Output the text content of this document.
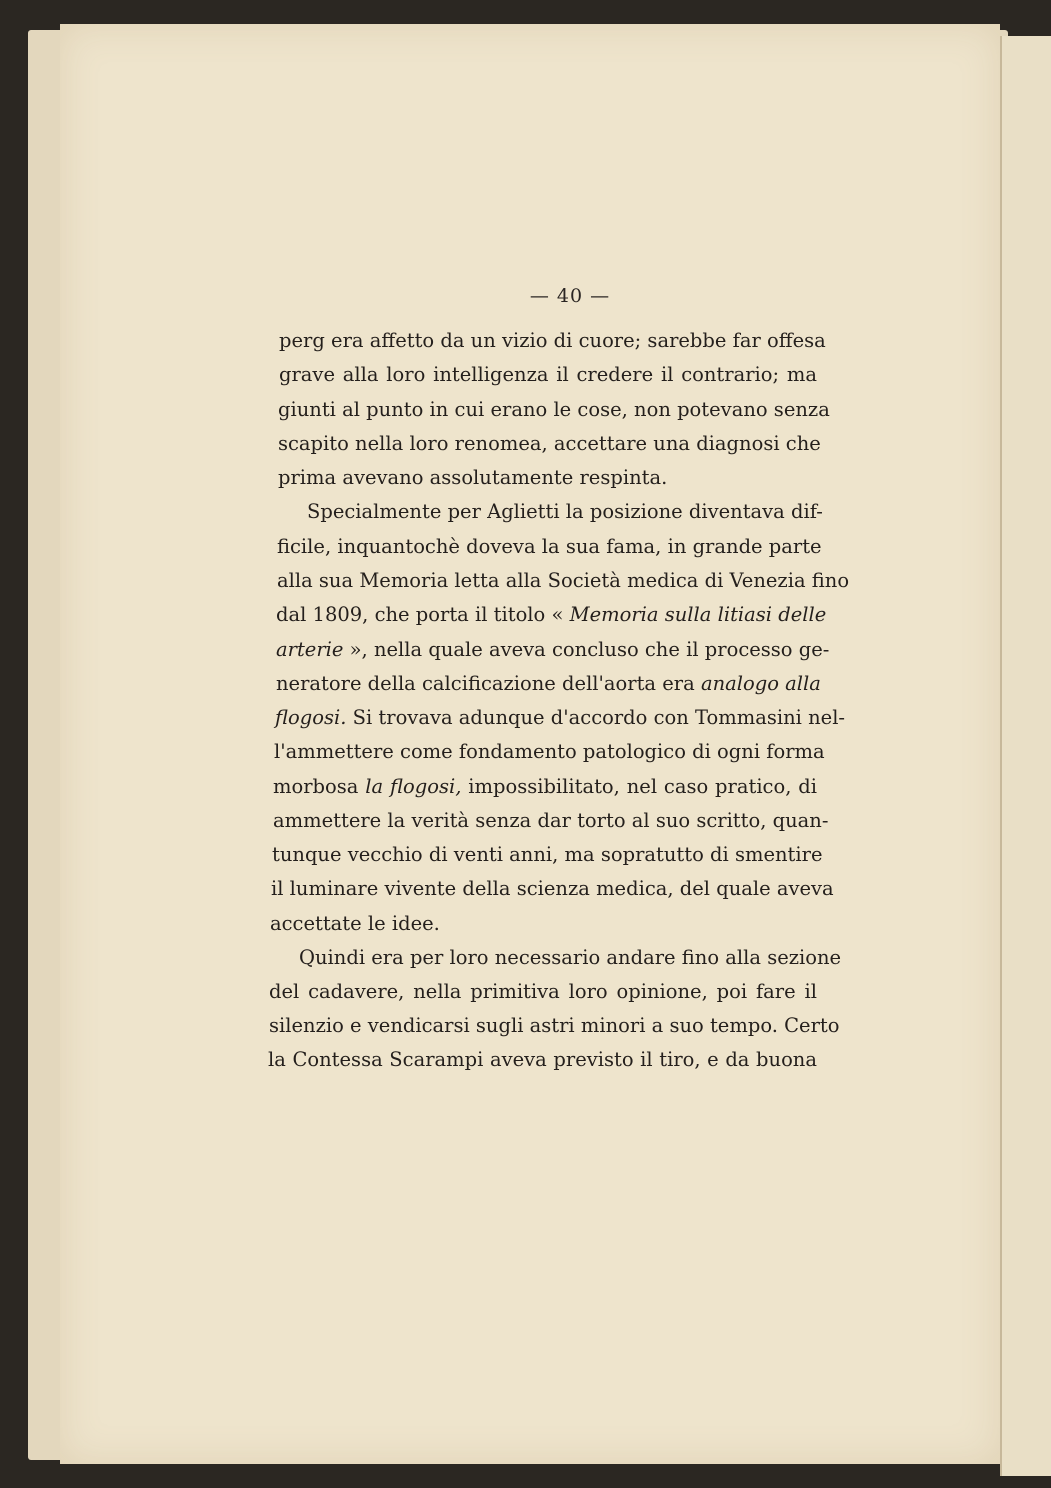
— 40 —
perg era affetto da un vizio di cuore; sarebbe far offesa
grave alla loro intelligenza il credere il contrario; ma
giunti al punto in cui erano le cose, non potevano senza
scapito nella loro renomea, accettare una diagnosi che
prima avevano assolutamente respinta.
Specialmente per Aglietti la posizione diventava dif-
ficile, inquantochè doveva la sua fama, in grande parte
alla sua Memoria letta alla Società medica di Venezia fino
dal 1809, che porta il titolo « Memoria sulla litiasi delle
arterie », nella quale aveva concluso che il processo ge-
neratore della calcificazione dell'aorta era analogo alla
flogosi. Si trovava adunque d'accordo con Tommasini nel-
l'ammettere come fondamento patologico di ogni forma
morbosa la flogosi, impossibilitato, nel caso pratico, di
ammettere la verità senza dar torto al suo scritto, quan-
tunque vecchio di venti anni, ma sopratutto di smentire
il luminare vivente della scienza medica, del quale aveva
accettate le idee.
Quindi era per loro necessario andare fino alla sezione
del cadavere, nella primitiva loro opinione, poi fare il
silenzio e vendicarsi sugli astri minori a suo tempo. Certo
la Contessa Scarampi aveva previsto il tiro, e da buona
